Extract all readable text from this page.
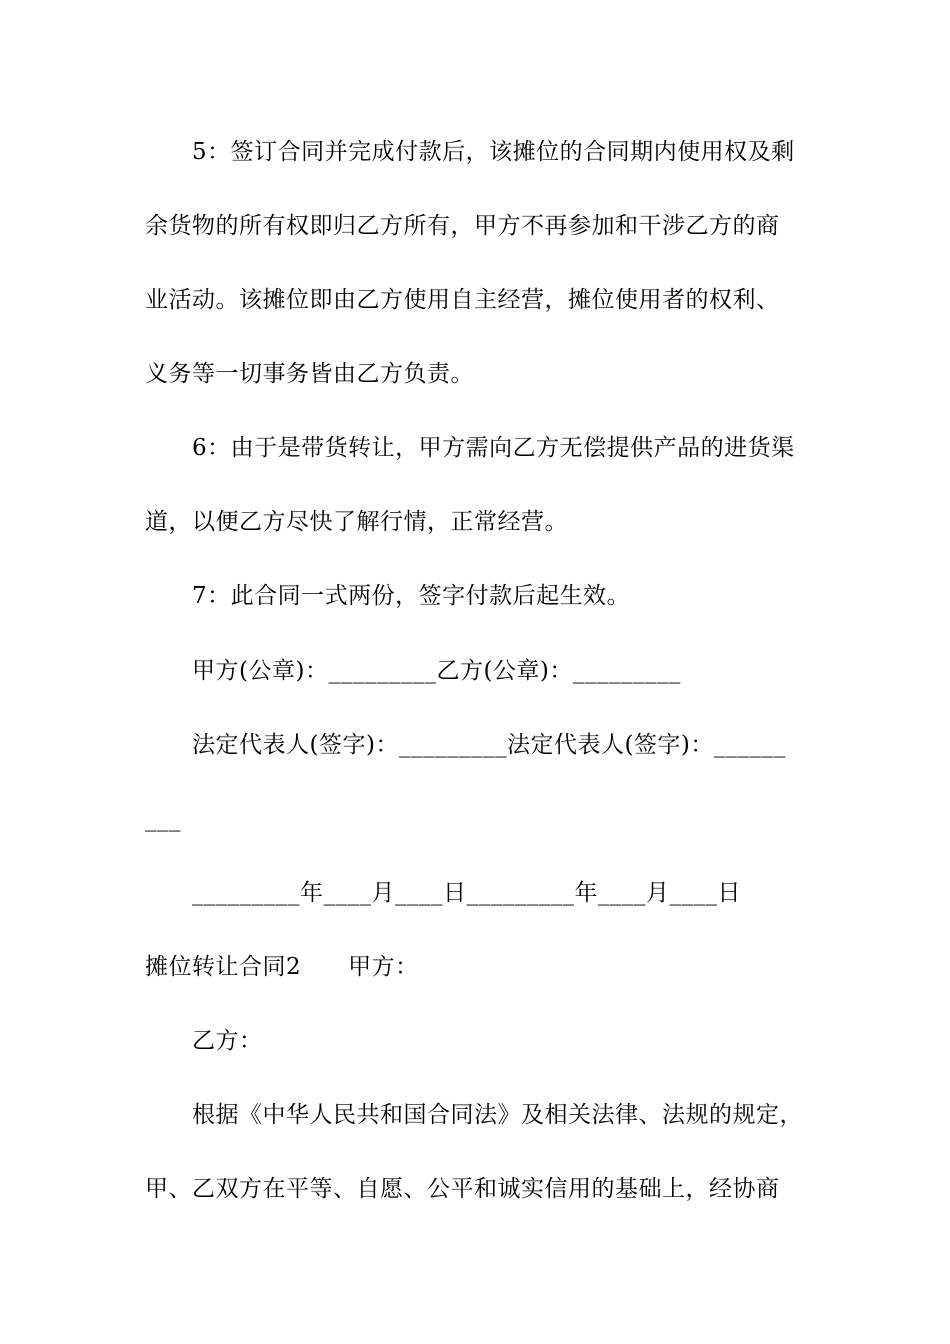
5：签订合同并完成付款后，该摊位的合同期内使用权及剩
余货物的所有权即归乙方所有，甲方不再参加和干涉乙方的商
业活动。该摊位即由乙方使用自主经营，摊位使用者的权利、
义务等一切事务皆由乙方负责。
6：由于是带货转让，甲方需向乙方无偿提供产品的进货渠
道，以便乙方尽快了解行情，正常经营。
7：此合同一式两份，签字付款后起生效。
甲方(公章)：_________乙方(公章)：_________
法定代表人(签字)：_________法定代表人(签字)：______
___
_________年____月____日_________年____月____日
摊位转让合同2　　甲方：
乙方：
根据《中华人民共和国合同法》及相关法律、法规的规定，
甲、乙双方在平等、自愿、公平和诚实信用的基础上，经协商
